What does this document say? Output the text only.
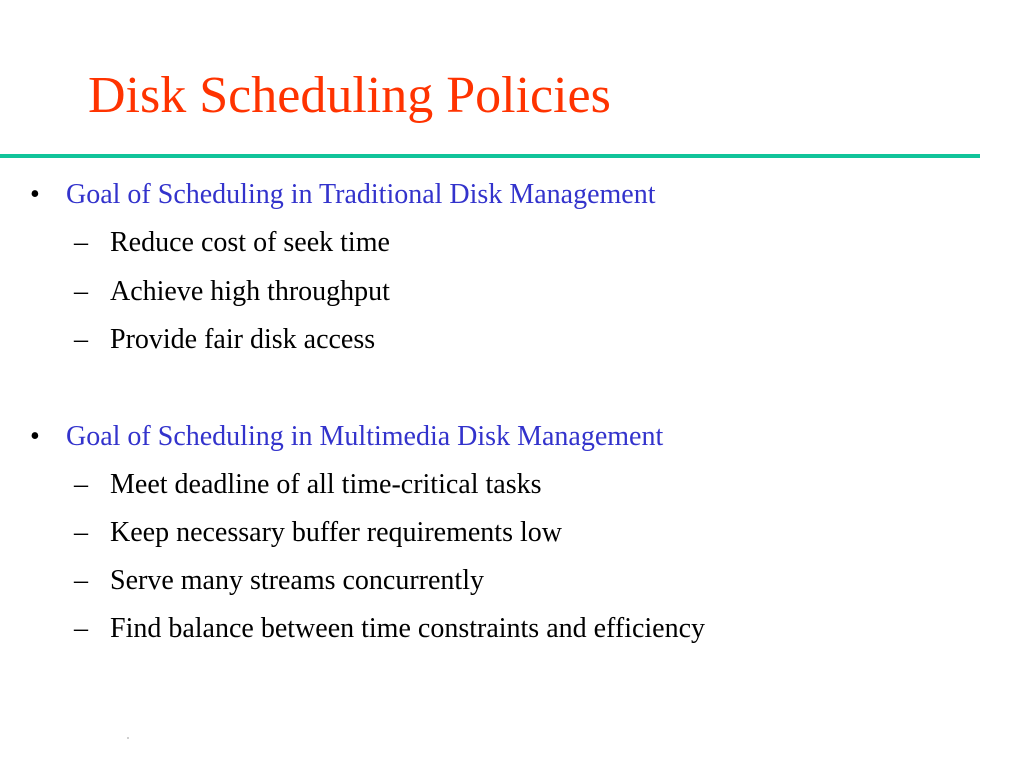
Disk Scheduling Policies
• Goal of Scheduling in Traditional Disk Management
– Reduce cost of seek time
– Achieve high throughput
– Provide fair disk access
• Goal of Scheduling in Multimedia Disk Management
– Meet deadline of all time-critical tasks
– Keep necessary buffer requirements low
– Serve many streams concurrently
– Find balance between time constraints and efficiency
